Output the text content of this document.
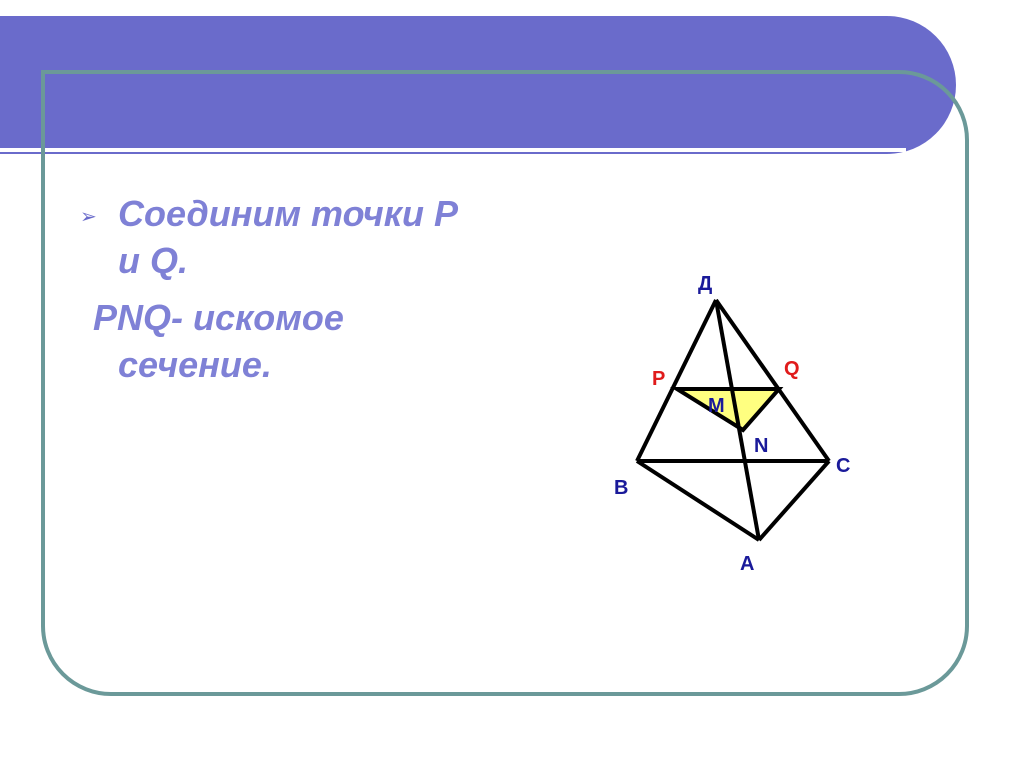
➢ Соединим точки Р
и Q.
PNQ- искомое
сечение.
Д
P	Q
M
N
B
C
A
